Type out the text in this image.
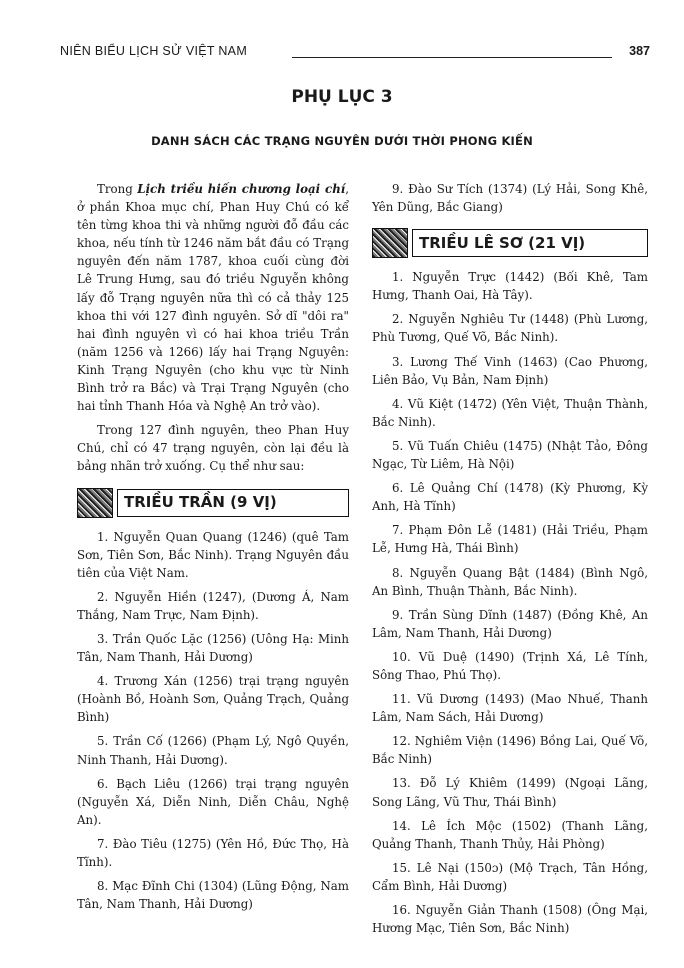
NIÊN BIỂU LỊCH SỬ VIỆT NAM	387
PHỤ LỤC 3
DANH SÁCH CÁC TRẠNG NGUYÊN DƯỚI THỜI PHONG KIẾN

Trong Lịch triều hiến chương loại chí, ở phần Khoa mục chí, Phan Huy Chú có kể tên từng khoa thi và những người đỗ đầu các khoa, nếu tính từ 1246 năm bắt đầu có Trạng nguyên đến năm 1787, khoa cuối cùng đời Lê Trung Hưng, sau đó triều Nguyễn không lấy đỗ Trạng nguyên nữa thì có cả thảy 125 khoa thi với 127 đình nguyên. Sở dĩ "dôi ra" hai đình nguyên vì có hai khoa triều Trần (năm 1256 và 1266) lấy hai Trạng Nguyên: Kinh Trạng Nguyên (cho khu vực từ Ninh Bình trở ra Bắc) và Trại Trạng Nguyên (cho hai tỉnh Thanh Hóa và Nghệ An trở vào).

Trong 127 đình nguyên, theo Phan Huy Chú, chỉ có 47 trạng nguyên, còn lại đều là bảng nhãn trở xuống. Cụ thể như sau:

TRIỀU TRẦN (9 VỊ)

1. Nguyễn Quan Quang (1246) (quê Tam Sơn, Tiên Sơn, Bắc Ninh). Trạng Nguyên đầu tiên của Việt Nam.

2. Nguyễn Hiền (1247), (Dương Á, Nam Thắng, Nam Trực, Nam Định).

3. Trần Quốc Lặc (1256) (Uông Hạ: Minh Tân, Nam Thanh, Hải Dương)

4. Trương Xán (1256) trại trạng nguyên (Hoành Bồ, Hoành Sơn, Quảng Trạch, Quảng Bình)

5. Trần Cố (1266) (Phạm Lý, Ngô Quyền, Ninh Thanh, Hải Dương).

6. Bạch Liêu (1266) trại trạng nguyên (Nguyễn Xá, Diễn Ninh, Diễn Châu, Nghệ An).

7. Đào Tiêu (1275) (Yên Hồ, Đức Thọ, Hà Tĩnh).

8. Mạc Đĩnh Chi (1304) (Lũng Động, Nam Tân, Nam Thanh, Hải Dương)

9. Đào Sư Tích (1374) (Lý Hải, Song Khê, Yên Dũng, Bắc Giang)

TRIỀU LÊ SƠ (21 VỊ)

1. Nguyễn Trực (1442) (Bối Khê, Tam Hưng, Thanh Oai, Hà Tây).

2. Nguyễn Nghiêu Tư (1448) (Phù Lương, Phù Tương, Quế Võ, Bắc Ninh).

3. Lương Thế Vinh (1463) (Cao Phương, Liên Bảo, Vụ Bản, Nam Định)

4. Vũ Kiệt (1472) (Yên Việt, Thuận Thành, Bắc Ninh).

5. Vũ Tuấn Chiêu (1475) (Nhật Tảo, Đông Ngạc, Từ Liêm, Hà Nội)

6. Lê Quảng Chí (1478) (Kỳ Phương, Kỳ Anh, Hà Tĩnh)

7. Phạm Đôn Lễ (1481) (Hải Triều, Phạm Lễ, Hưng Hà, Thái Bình)

8. Nguyễn Quang Bật (1484) (Bình Ngô, An Bình, Thuận Thành, Bắc Ninh).

9. Trần Sùng Dĩnh (1487) (Đồng Khê, An Lâm, Nam Thanh, Hải Dương)

10. Vũ Duệ (1490) (Trịnh Xá, Lê Tính, Sông Thao, Phú Thọ).

11. Vũ Dương (1493) (Mao Nhuế, Thanh Lâm, Nam Sách, Hải Dương)

12. Nghiêm Viện (1496) Bồng Lai, Quế Võ, Bắc Ninh)

13. Đỗ Lý Khiêm (1499) (Ngoại Lãng, Song Lãng, Vũ Thư, Thái Bình)

14. Lê Ích Mộc (1502) (Thanh Lãng, Quảng Thanh, Thanh Thủy, Hải Phòng)

15. Lê Nại (150ɔ) (Mộ Trạch, Tân Hồng, Cẩm Bình, Hải Dương)

16. Nguyễn Giản Thanh (1508) (Ông Mại, Hương Mạc, Tiên Sơn, Bắc Ninh)
